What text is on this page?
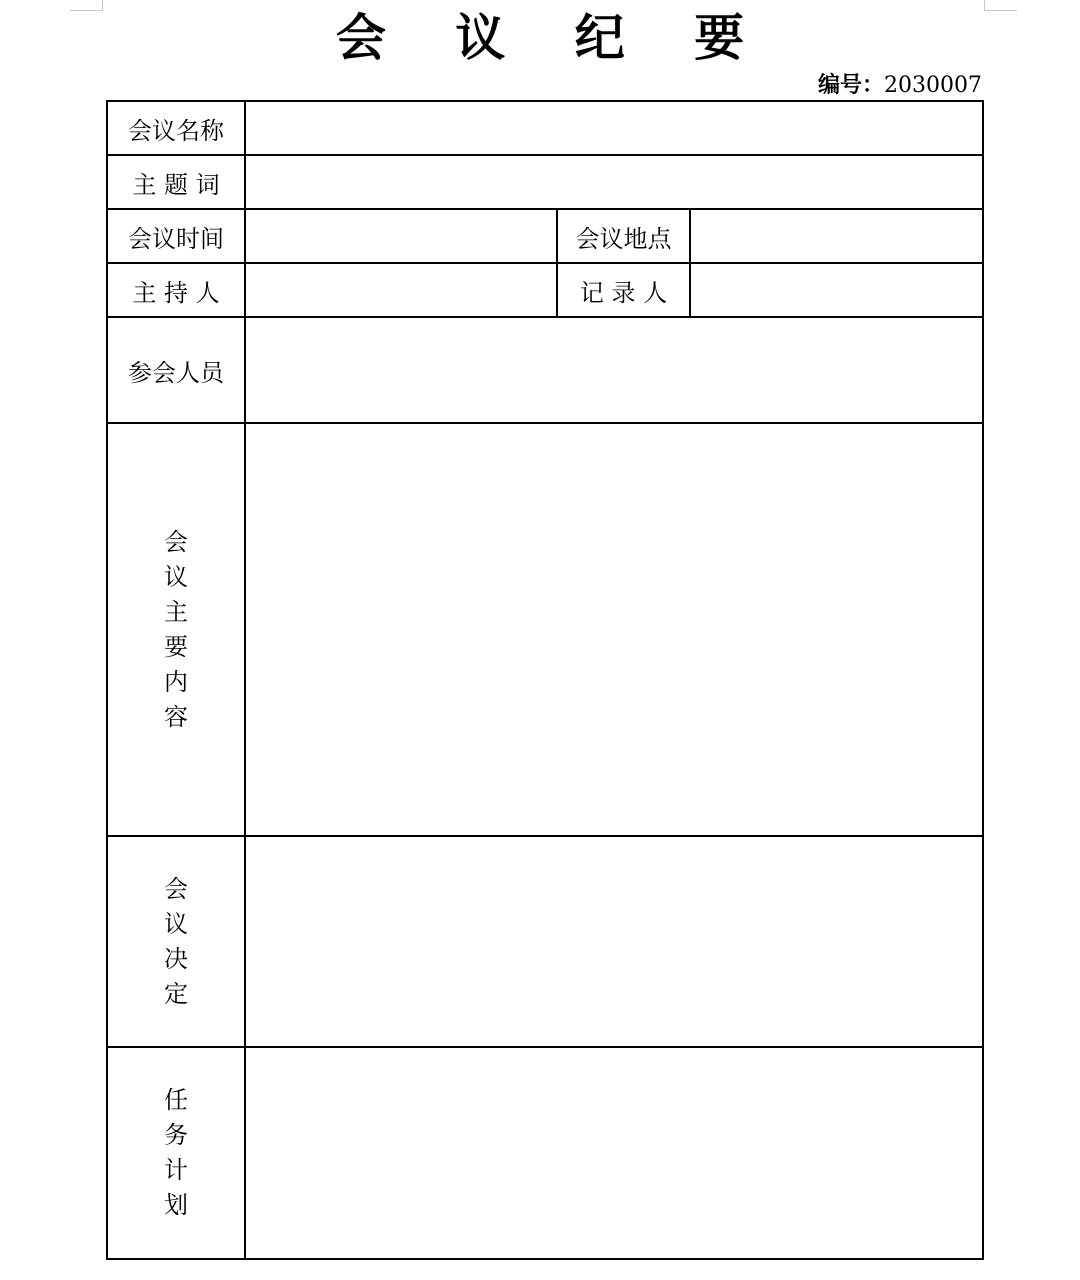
会 议 纪 要
编号：2030007
会议名称			
主 题 词			
会议时间		会议地点	
主 持 人		记 录 人	
参会人员			
会议主要内容			
会议决定			
任务计划			
